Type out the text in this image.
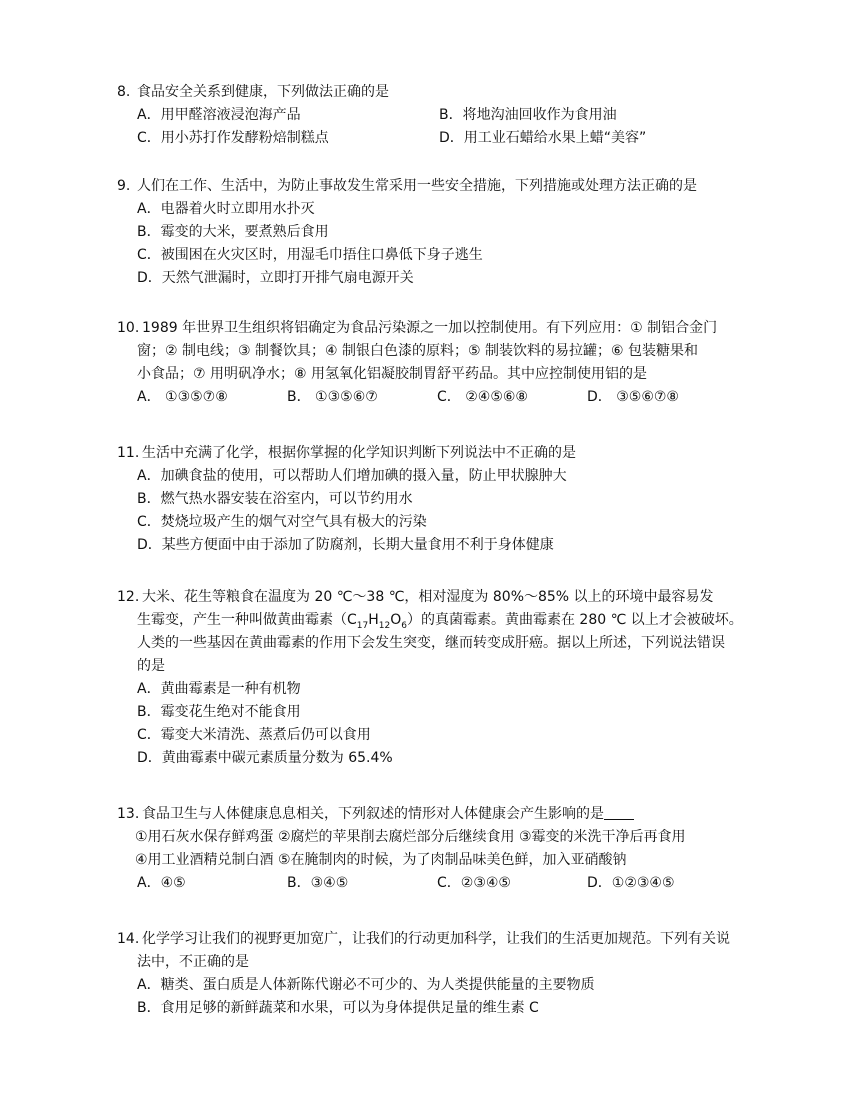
8. 食品安全关系到健康，下列做法正确的是
A．用甲醛溶液浸泡海产品	B．将地沟油回收作为食用油
C．用小苏打作发酵粉焙制糕点	D．用工业石蜡给水果上蜡“美容”
9. 人们在工作、生活中，为防止事故发生常采用一些安全措施，下列措施或处理方法正确的是
A．电器着火时立即用水扑灭
B．霉变的大米，要煮熟后食用
C．被围困在火灾区时，用湿毛巾捂住口鼻低下身子逃生
D．天然气泄漏时，立即打开排气扇电源开关
10. 1989 年世界卫生组织将铝确定为食品污染源之一加以控制使用。有下列应用：① 制铝合金门
窗；② 制电线；③ 制餐饮具；④ 制银白色漆的原料；⑤ 制装饮料的易拉罐；⑥ 包装糖果和
小食品；⑦ 用明矾净水；⑧ 用氢氧化铝凝胶制胃舒平药品。其中应控制使用铝的是
A． ①③⑤⑦⑧	B． ①③⑤⑥⑦	C． ②④⑤⑥⑧	D． ③⑤⑥⑦⑧
11. 生活中充满了化学，根据你掌握的化学知识判断下列说法中不正确的是
A．加碘食盐的使用，可以帮助人们增加碘的摄入量，防止甲状腺肿大
B．燃气热水器安装在浴室内，可以节约用水
C．焚烧垃圾产生的烟气对空气具有极大的污染
D．某些方便面中由于添加了防腐剂，长期大量食用不利于身体健康
12. 大米、花生等粮食在温度为 20 ℃～38 ℃，相对湿度为 80%～85% 以上的环境中最容易发
生霉变，产生一种叫做黄曲霉素$(C_{17}H_{12}O_6)$的真菌霉素。黄曲霉素在 280 ℃ 以上才会被破坏。
人类的一些基因在黄曲霉素的作用下会发生突变，继而转变成肝癌。据以上所述，下列说法错误
的是
A．黄曲霉素是一种有机物
B．霉变花生绝对不能食用
C．霉变大米清洗、蒸煮后仍可以食用
D．黄曲霉素中碳元素质量分数为 65.4%
13. 食品卫生与人体健康息息相关，下列叙述的情形对人体健康会产生影响的是
①用石灰水保存鲜鸡蛋 ②腐烂的苹果削去腐烂部分后继续食用 ③霉变的米洗干净后再食用
④用工业酒精兑制白酒 ⑤在腌制肉的时候，为了肉制品味美色鲜，加入亚硝酸钠
A．④⑤	B．③④⑤	C．②③④⑤	D．①②③④⑤
14. 化学学习让我们的视野更加宽广，让我们的行动更加科学，让我们的生活更加规范。下列有关说
法中，不正确的是
A．糖类、蛋白质是人体新陈代谢必不可少的、为人类提供能量的主要物质
B．食用足够的新鲜蔬菜和水果，可以为身体提供足量的维生素 C
